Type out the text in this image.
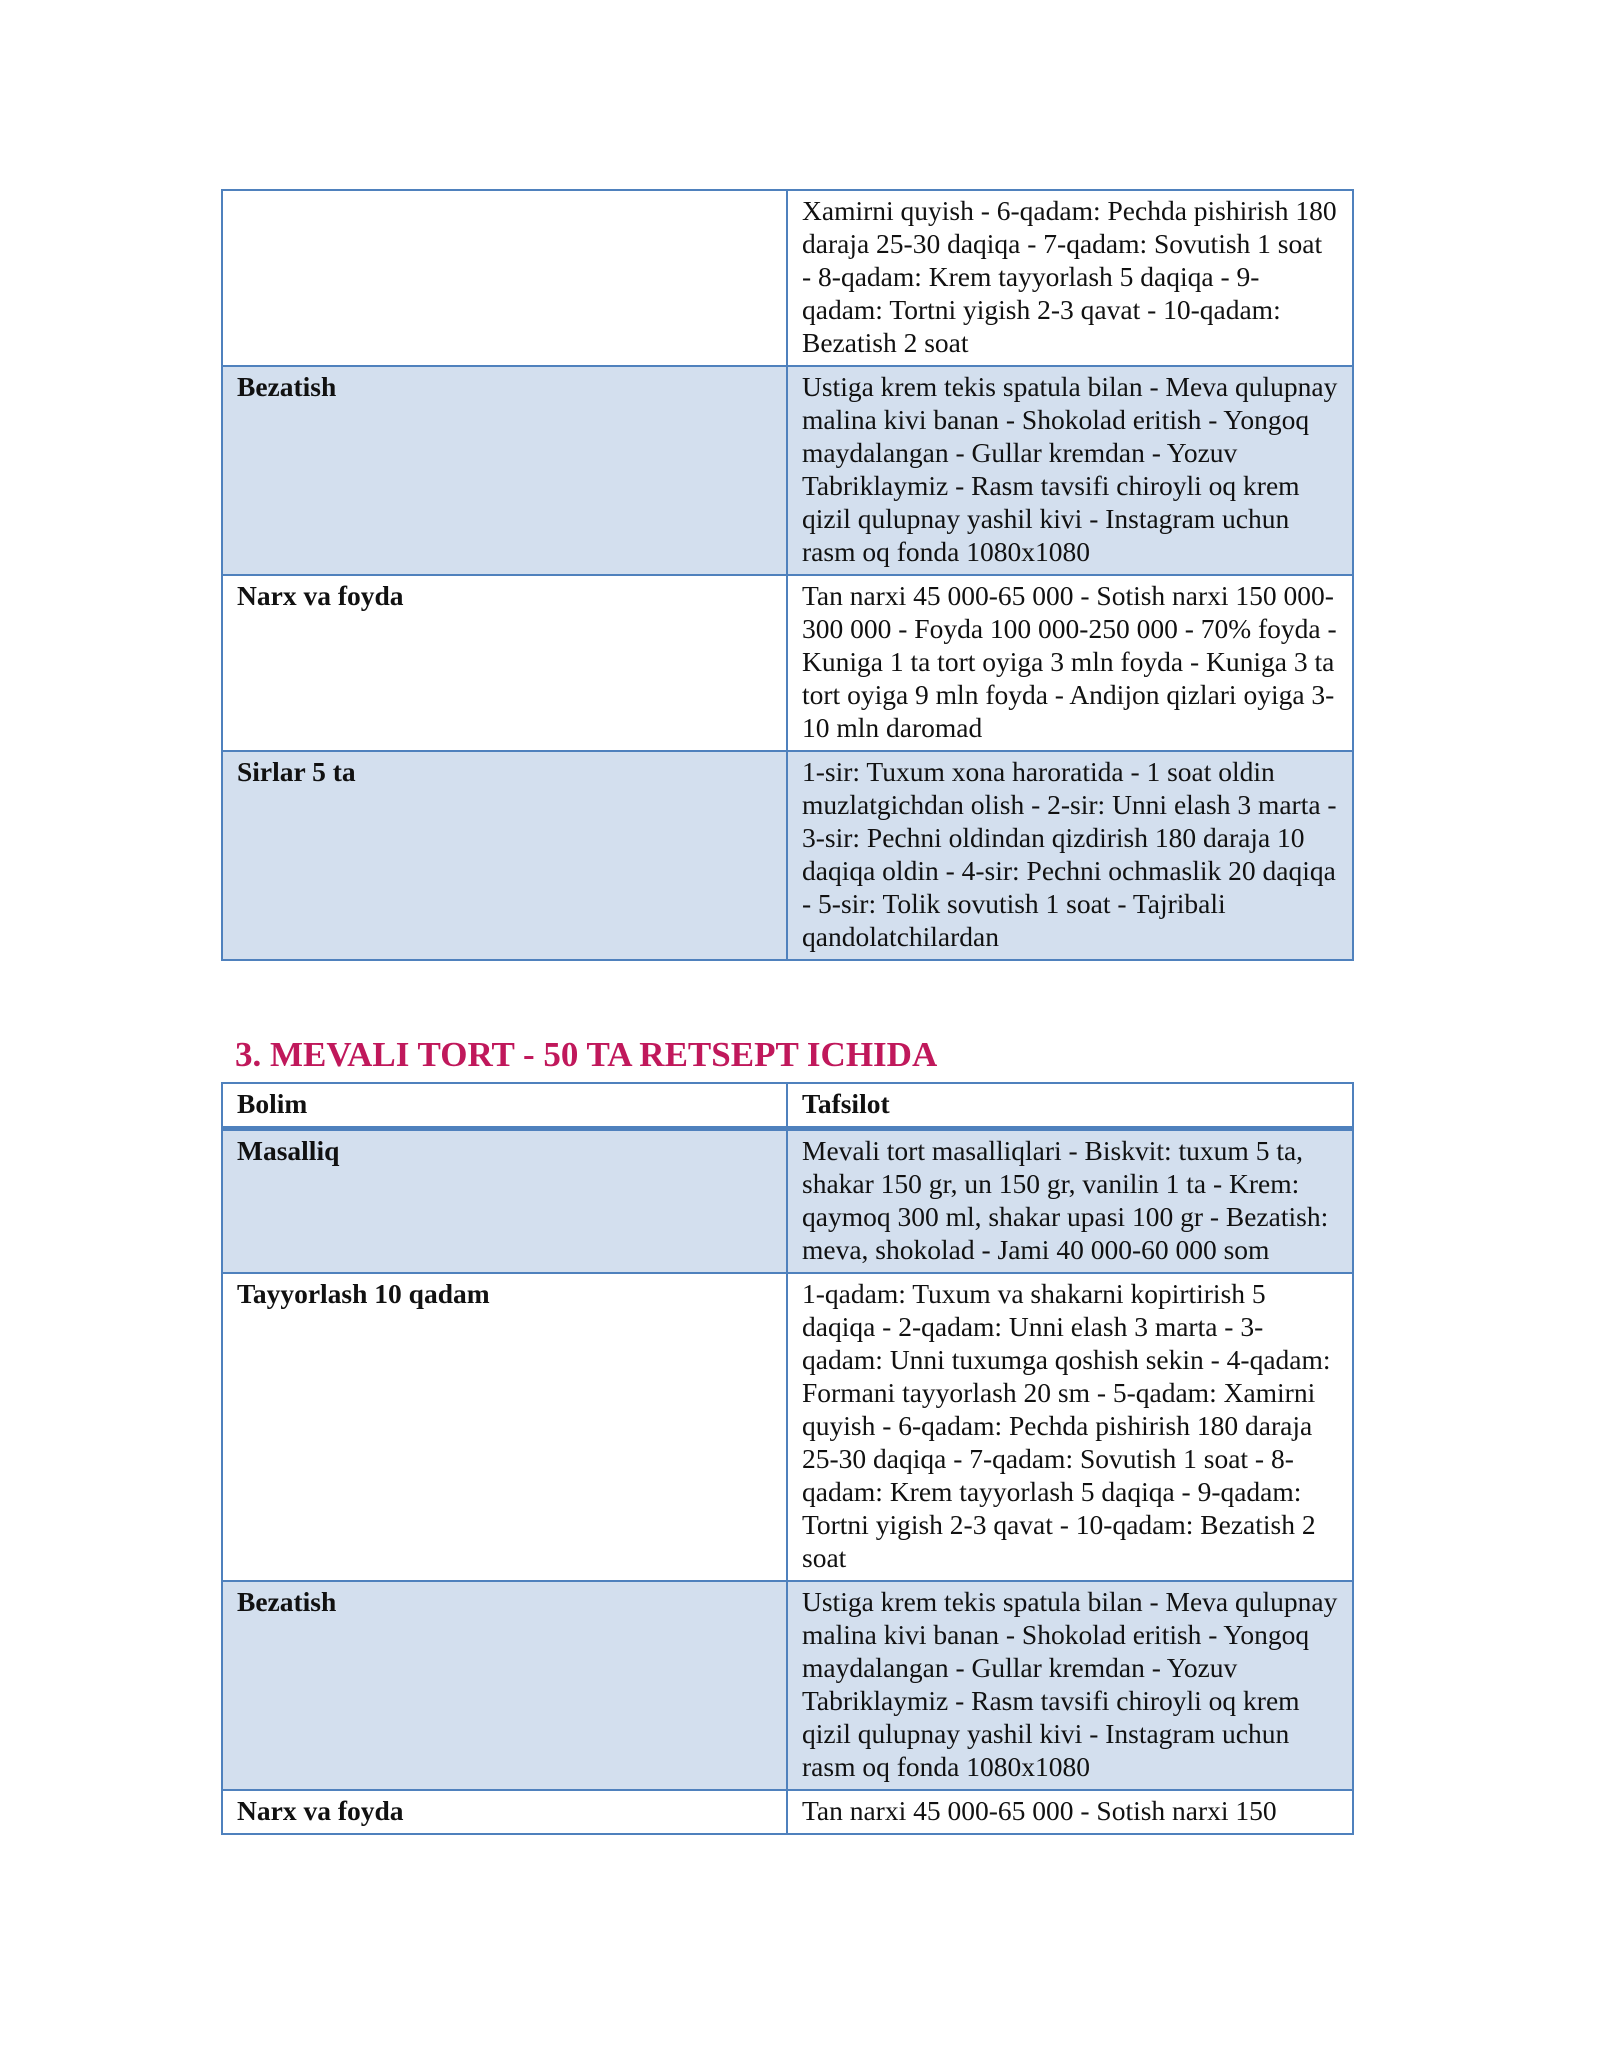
	Xamirni quyish - 6-qadam: Pechda pishirish 180 daraja 25-30 daqiqa - 7-qadam: Sovutish 1 soat - 8-qadam: Krem tayyorlash 5 daqiqa - 9-qadam: Tortni yigish 2-3 qavat - 10-qadam: Bezatish 2 soat
Bezatish	Ustiga krem tekis spatula bilan - Meva qulupnay malina kivi banan - Shokolad eritish - Yongoq maydalangan - Gullar kremdan - Yozuv Tabriklaymiz - Rasm tavsifi chiroyli oq krem qizil qulupnay yashil kivi - Instagram uchun rasm oq fonda 1080x1080
Narx va foyda	Tan narxi 45 000-65 000 - Sotish narxi 150 000-300 000 - Foyda 100 000-250 000 - 70% foyda - Kuniga 1 ta tort oyiga 3 mln foyda - Kuniga 3 ta tort oyiga 9 mln foyda - Andijon qizlari oyiga 3-10 mln daromad
Sirlar 5 ta	1-sir: Tuxum xona haroratida - 1 soat oldin muzlatgichdan olish - 2-sir: Unni elash 3 marta - 3-sir: Pechni oldindan qizdirish 180 daraja 10 daqiqa oldin - 4-sir: Pechni ochmaslik 20 daqiqa - 5-sir: Tolik sovutish 1 soat - Tajribali qandolatchilardan
3. MEVALI TORT - 50 TA RETSEPT ICHIDA
Bolim	Tafsilot
Masalliq	Mevali tort masalliqlari - Biskvit: tuxum 5 ta, shakar 150 gr, un 150 gr, vanilin 1 ta - Krem: qaymoq 300 ml, shakar upasi 100 gr - Bezatish: meva, shokolad - Jami 40 000-60 000 som
Tayyorlash 10 qadam	1-qadam: Tuxum va shakarni kopirtirish 5 daqiqa - 2-qadam: Unni elash 3 marta - 3-qadam: Unni tuxumga qoshish sekin - 4-qadam: Formani tayyorlash 20 sm - 5-qadam: Xamirni quyish - 6-qadam: Pechda pishirish 180 daraja 25-30 daqiqa - 7-qadam: Sovutish 1 soat - 8-qadam: Krem tayyorlash 5 daqiqa - 9-qadam: Tortni yigish 2-3 qavat - 10-qadam: Bezatish 2 soat
Bezatish	Ustiga krem tekis spatula bilan - Meva qulupnay malina kivi banan - Shokolad eritish - Yongoq maydalangan - Gullar kremdan - Yozuv Tabriklaymiz - Rasm tavsifi chiroyli oq krem qizil qulupnay yashil kivi - Instagram uchun rasm oq fonda 1080x1080
Narx va foyda	Tan narxi 45 000-65 000 - Sotish narxi 150
